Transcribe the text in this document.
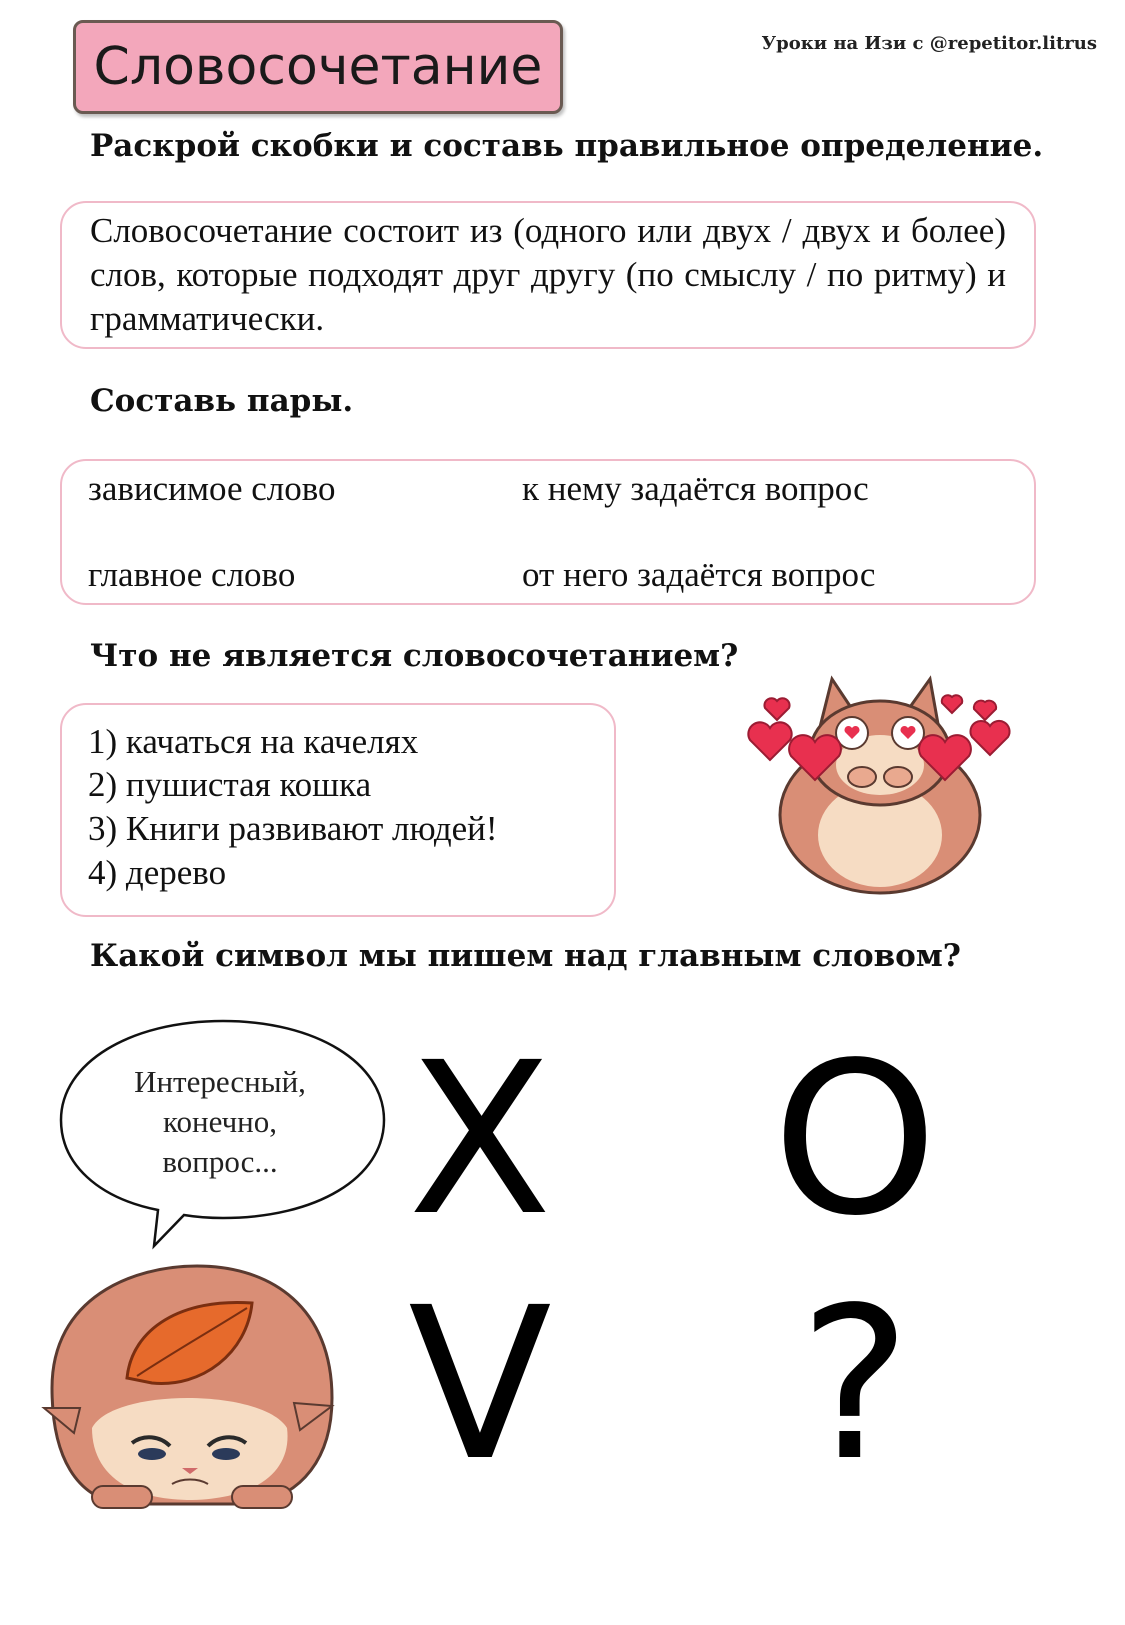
Словосочетание	Уроки на Изи с @repetitor.litrus
Раскрой скобки и составь правильное определение.
Словосочетание состоит из (одного или двух / двух и более) слов, которые подходят друг другу (по смыслу / по ритму) и грамматически.
Составь пары.
зависимое слово
главное слово
к нему задаётся вопрос
от него задаётся вопрос
Что не является словосочетанием?
1) качаться на качелях
2) пушистая кошка
3) Книги развивают людей!
4) дерево
Какой символ мы пишем над главным словом?
Интересный,
конечно,
вопрос... X O
V ?
